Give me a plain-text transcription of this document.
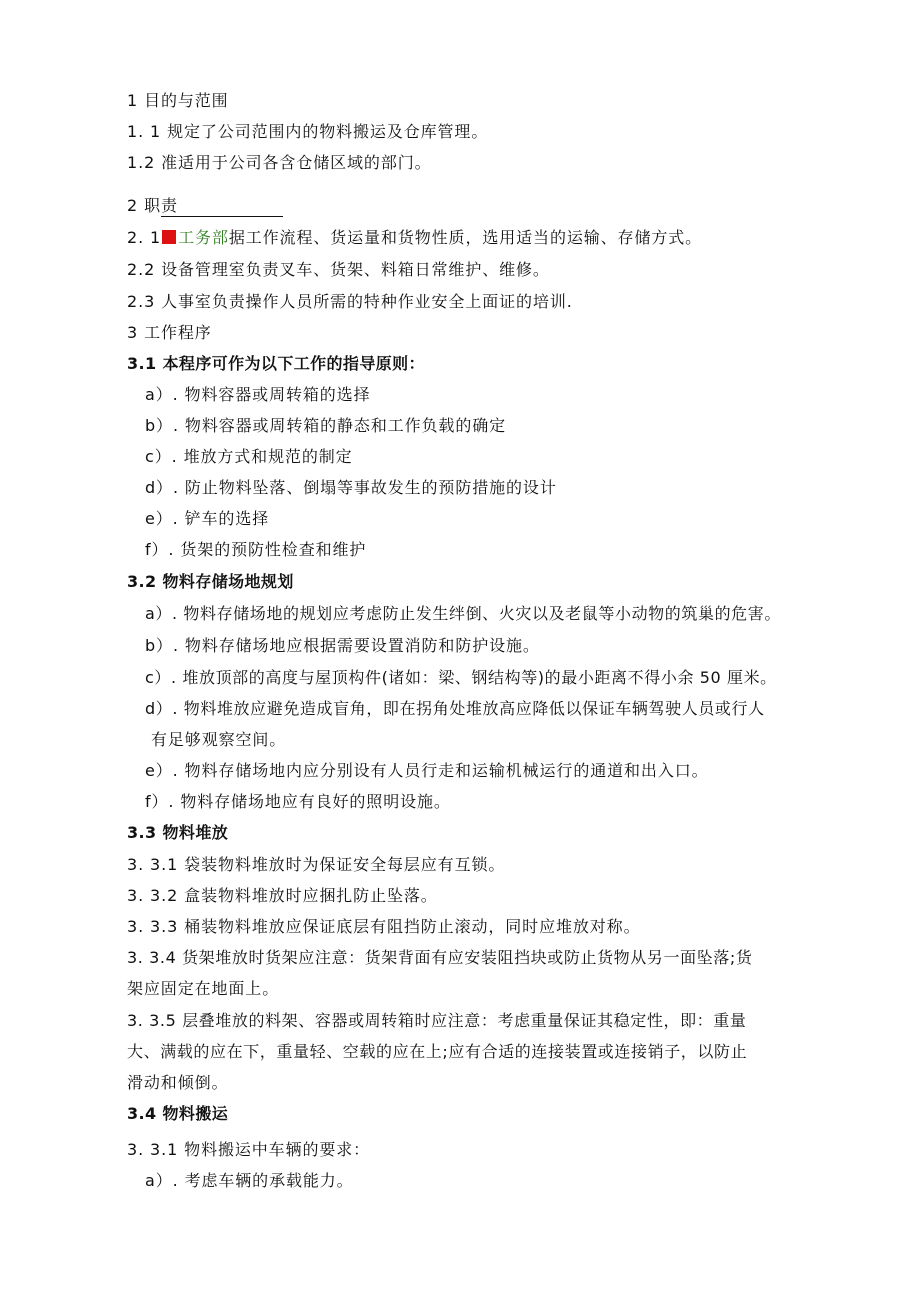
1 目的与范围
1. 1 规定了公司范围内的物料搬运及仓库管理。
1.2 准适用于公司各含仓储区域的部门。
2 职责
2. 1 工务部据工作流程、货运量和货物性质，选用适当的运输、存储方式。
2.2 设备管理室负责叉车、货架、料箱日常维护、维修。
2.3 人事室负责操作人员所需的特种作业安全上面证的培训.
3 工作程序
3.1 本程序可作为以下工作的指导原则：
a）. 物料容器或周转箱的选择
b）. 物料容器或周转箱的静态和工作负载的确定
c）. 堆放方式和规范的制定
d）. 防止物料坠落、倒塌等事故发生的预防措施的设计
e）. 铲车的选择
f）. 货架的预防性检查和维护
3.2 物料存储场地规划
a）. 物料存储场地的规划应考虑防止发生绊倒、火灾以及老鼠等小动物的筑巢的危害。
b）. 物料存储场地应根据需要设置消防和防护设施。
c）. 堆放顶部的高度与屋顶构件(诸如：梁、钢结构等)的最小距离不得小余 50 厘米。
d）. 物料堆放应避免造成盲角，即在拐角处堆放高应降低以保证车辆驾驶人员或行人
有足够观察空间。
e）. 物料存储场地内应分别设有人员行走和运输机械运行的通道和出入口。
f）. 物料存储场地应有良好的照明设施。
3.3 物料堆放
3. 3.1 袋装物料堆放时为保证安全每层应有互锁。
3. 3.2 盒装物料堆放时应捆扎防止坠落。
3. 3.3 桶装物料堆放应保证底层有阻挡防止滚动，同时应堆放对称。
3. 3.4 货架堆放时货架应注意：货架背面有应安装阻挡块或防止货物从另一面坠落;货
架应固定在地面上。
3. 3.5 层叠堆放的料架、容器或周转箱时应注意：考虑重量保证其稳定性，即：重量
大、满载的应在下，重量轻、空载的应在上;应有合适的连接装置或连接销子，以防止
滑动和倾倒。
3.4 物料搬运
3. 3.1 物料搬运中车辆的要求：
a）. 考虑车辆的承载能力。
